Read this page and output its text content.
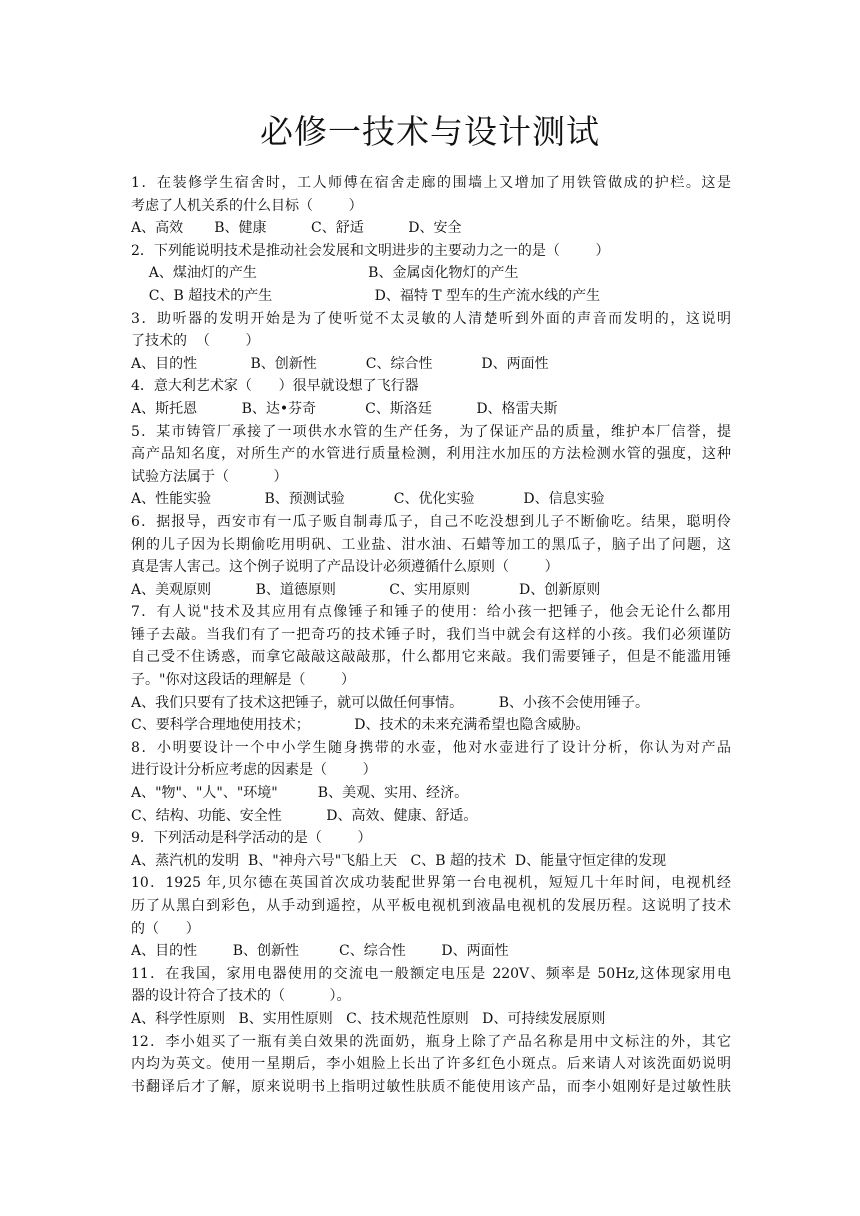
必修一技术与设计测试
1．在装修学生宿舍时，工人师傅在宿舍走廊的围墙上又增加了用铁管做成的护栏。这是
考虑了人机关系的什么目标（        ）
A、高效       B、健康          C、舒适          D、安全
2．下列能说明技术是推动社会发展和文明进步的主要动力之一的是（        ）
A、煤油灯的产生                         B、金属卤化物灯的产生
C、B 超技术的产生                       D、福特 T 型车的生产流水线的产生
3．助听器的发明开始是为了使听觉不太灵敏的人清楚听到外面的声音而发明的，这说明
了技术的  （        ）
A、目的性            B、创新性           C、综合性           D、两面性
4．意大利艺术家（      ）很早就设想了飞行器
A、斯托恩          B、达•芬奇           C、斯洛廷          D、格雷夫斯
5．某市铸管厂承接了一项供水水管的生产任务，为了保证产品的质量，维护本厂信誉，提
高产品知名度，对所生产的水管进行质量检测，利用注水加压的方法检测水管的强度，这种
试验方法属于（          ）
A、性能实验            B、预测试验           C、优化实验           D、信息实验
6．据报导，西安市有一瓜子贩自制毒瓜子，自己不吃没想到儿子不断偷吃。结果，聪明伶
俐的儿子因为长期偷吃用明矾、工业盐、泔水油、石蜡等加工的黑瓜子，脑子出了问题，这
真是害人害己。这个例子说明了产品设计必须遵循什么原则（        ）
A、美观原则          B、道德原则            C、实用原则           D、创新原则
7．有人说"技术及其应用有点像锤子和锤子的使用：给小孩一把锤子，他会无论什么都用
锤子去敲。当我们有了一把奇巧的技术锤子时，我们当中就会有这样的小孩。我们必须谨防
自己受不住诱惑，而拿它敲敲这敲敲那，什么都用它来敲。我们需要锤子，但是不能滥用锤
子。"你对这段话的理解是（        ）
A、我们只要有了技术这把锤子，就可以做任何事情。        B、小孩不会使用锤子。
C、要科学合理地使用技术；          D、技术的未来充满希望也隐含威胁。
8．小明要设计一个中小学生随身携带的水壶，他对水壶进行了设计分析，你认为对产品
进行设计分析应考虑的因素是（        ）
A、"物"、"人"、"环境"         B、美观、实用、经济。
C、结构、功能、安全性          D、高效、健康、舒适。
9．下列活动是科学活动的是（        ）
A、蒸汽机的发明  B、"神舟六号"飞船上天   C、B 超的技术  D、能量守恒定律的发现
10．1925 年,贝尔德在英国首次成功装配世界第一台电视机，短短几十年时间，电视机经
历了从黑白到彩色，从手动到遥控，从平板电视机到液晶电视机的发展历程。这说明了技术
的（      ）
A、目的性        B、创新性         C、综合性        D、两面性
11．在我国，家用电器使用的交流电一般额定电压是 220V、频率是 50Hz,这体现家用电
器的设计符合了技术的（          ）。
A、科学性原则   B、实用性原则   C、技术规范性原则   D、可持续发展原则
12．李小姐买了一瓶有美白效果的洗面奶，瓶身上除了产品名称是用中文标注的外，其它
内均为英文。使用一星期后，李小姐脸上长出了许多红色小斑点。后来请人对该洗面奶说明
书翻译后才了解，原来说明书上指明过敏性肤质不能使用该产品，而李小姐刚好是过敏性肤
